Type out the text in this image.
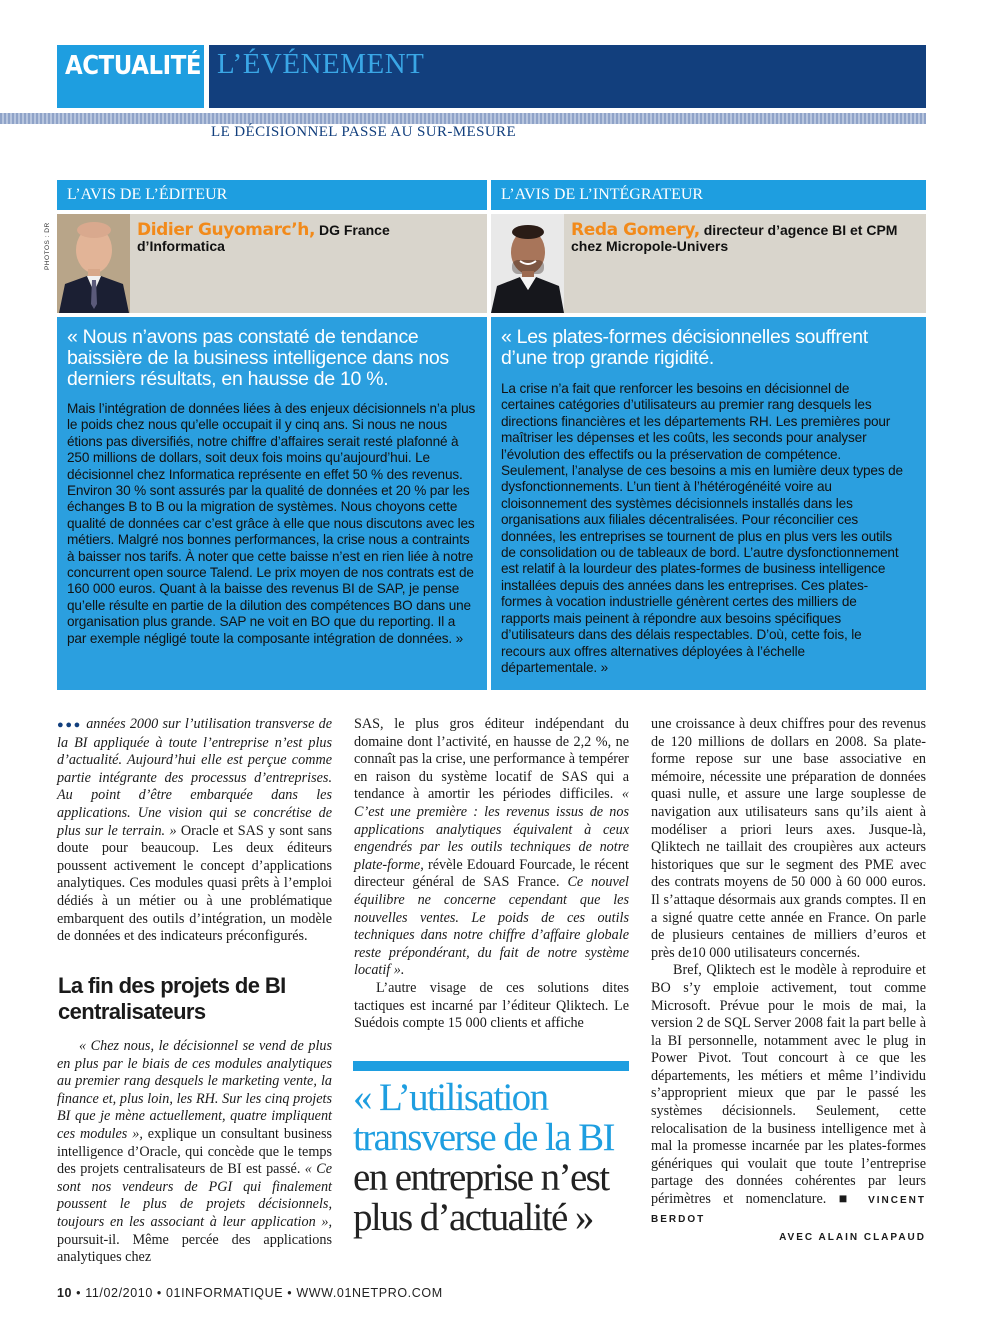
ACTUALITÉ L’ÉVÉNEMENT
LE DÉCISIONNEL PASSE AU SUR-MESURE
PHOTOS : DR
L’AVIS DE L’ÉDITEUR
Didier Guyomarc’h, DG France d’Informatica
« Nous n’avons pas constaté de tendance baissière de la business intelligence dans nos derniers résultats, en hausse de 10 %.
Mais l’intégration de données liées à des enjeux décisionnels n’a plus le poids chez nous qu’elle occupait il y cinq ans. Si nous ne nous étions pas diversifiés, notre chiffre d’affaires serait resté plafonné à 250 millions de dollars, soit deux fois moins qu’aujourd’hui. Le décisionnel chez Informatica représente en effet 50 % des revenus. Environ 30 % sont assurés par la qualité de données et 20 % par les échanges B to B ou la migration de systèmes. Nous choyons cette qualité de données car c’est grâce à elle que nous discutons avec les métiers. Malgré nos bonnes performances, la crise nous a contraints à baisser nos tarifs. À noter que cette baisse n’est en rien liée à notre concurrent open source Talend. Le prix moyen de nos contrats est de 160 000 euros. Quant à la baisse des revenus BI de SAP, je pense qu’elle résulte en partie de la dilution des compétences BO dans une organisation plus grande. SAP ne voit en BO que du reporting. Il a par exemple négligé toute la composante intégration de données. »
L’AVIS DE L’INTÉGRATEUR
Reda Gomery, directeur d’agence BI et CPM chez Micropole-Univers
« Les plates-formes décisionnelles souffrent d’une trop grande rigidité.
La crise n’a fait que renforcer les besoins en décisionnel de certaines catégories d’utilisateurs au premier rang desquels les directions financières et les départements RH. Les premières pour maîtriser les dépenses et les coûts, les seconds pour analyser l’évolution des effectifs ou la préservation de compétence. Seulement, l’analyse de ces besoins a mis en lumière deux types de dysfonctionnements. L’un tient à l’hétérogénéité voire au cloisonnement des systèmes décisionnels installés dans les organisations aux filiales décentralisées. Pour réconcilier ces données, les entreprises se tournent de plus en plus vers les outils de consolidation ou de tableaux de bord. L’autre dysfonctionnement est relatif à la lourdeur des plates-formes de business intelligence installées depuis des années dans les entreprises. Ces plates-formes à vocation industrielle génèrent certes des milliers de rapports mais peinent à répondre aux besoins spécifiques d’utilisateurs dans des délais respectables. D’où, cette fois, le recours aux offres alternatives déployées à l’échelle départementale. »

●●● années 2000 sur l’utilisation transverse de la BI appliquée à toute l’entreprise n’est plus d’actualité. Aujourd’hui elle est perçue comme partie intégrante des processus d’entreprises. Au point d’être embarquée dans les applications. Une vision qui se concrétise de plus sur le terrain. » Oracle et SAS y sont sans doute pour beaucoup. Les deux éditeurs poussent activement le concept d’applications analytiques. Ces modules quasi prêts à l’emploi dédiés à un métier ou à une problématique embarquent des outils d’intégration, un modèle de données et des indicateurs préconfigurés.

La fin des projets de BI centralisateurs

« Chez nous, le décisionnel se vend de plus en plus par le biais de ces modules analytiques au premier rang desquels le marketing vente, la finance et, plus loin, les RH. Sur les cinq projets BI que je mène actuellement, quatre impliquent ces modules », explique un consultant business intelligence d’Oracle, qui concède que le temps des projets centralisateurs de BI est passé. « Ce sont nos vendeurs de PGI qui finalement poussent le plus de projets décisionnels, toujours en les associant à leur application », poursuit-il. Même percée des applications analytiques chez

SAS, le plus gros éditeur indépendant du domaine dont l’activité, en hausse de 2,2 %, ne connaît pas la crise, une performance à tempérer en raison du système locatif de SAS qui a tendance à amortir les périodes difficiles. « C’est une première : les revenus issus de nos applications analytiques équivalent à ceux engendrés par les outils techniques de notre plate-forme, révèle Edouard Fourcade, le récent directeur général de SAS France. Ce nouvel équilibre ne concerne cependant que les nouvelles ventes. Le poids de ces outils techniques dans notre chiffre d’affaire globale reste prépondérant, du fait de notre système locatif ».

L’autre visage de ces solutions dites tactiques est incarné par l’éditeur Qliktech. Le Suédois compte 15 000 clients et affiche

« L’utilisation transverse de la BI en entreprise n’est plus d’actualité »

une croissance à deux chiffres pour des revenus de 120 millions de dollars en 2008. Sa plate-forme repose sur une base associative en mémoire, nécessite une préparation de données quasi nulle, et assure une large souplesse de navigation aux utilisateurs sans qu’ils aient à modéliser a priori leurs axes. Jusque-là, Qliktech ne taillait des croupières aux acteurs historiques que sur le segment des PME avec des contrats moyens de 50 000 à 60 000 euros. Il s’attaque désormais aux grands comptes. Il en a signé quatre cette année en France. On parle de plusieurs centaines de milliers d’euros et près de10 000 utilisateurs concernés.

Bref, Qliktech est le modèle à reproduire et BO s’y emploie activement, tout comme Microsoft. Prévue pour le mois de mai, la version 2 de SQL Server 2008 fait la part belle à la BI personnelle, notamment avec le plug in Power Pivot. Tout concourt à ce que les départements, les métiers et même l’individu s’approprient mieux que par le passé les systèmes décisionnels. Seulement, cette relocalisation de la business intelligence met à mal la promesse incarnée par les plates-formes génériques qui voulait que toute l’entreprise partage des données cohérentes par leurs périmètres et nomenclature. ■ VINCENT BERDOT

AVEC ALAIN CLAPAUD

10 • 11/02/2010 • 01INFORMATIQUE • WWW.01NETPRO.COM
